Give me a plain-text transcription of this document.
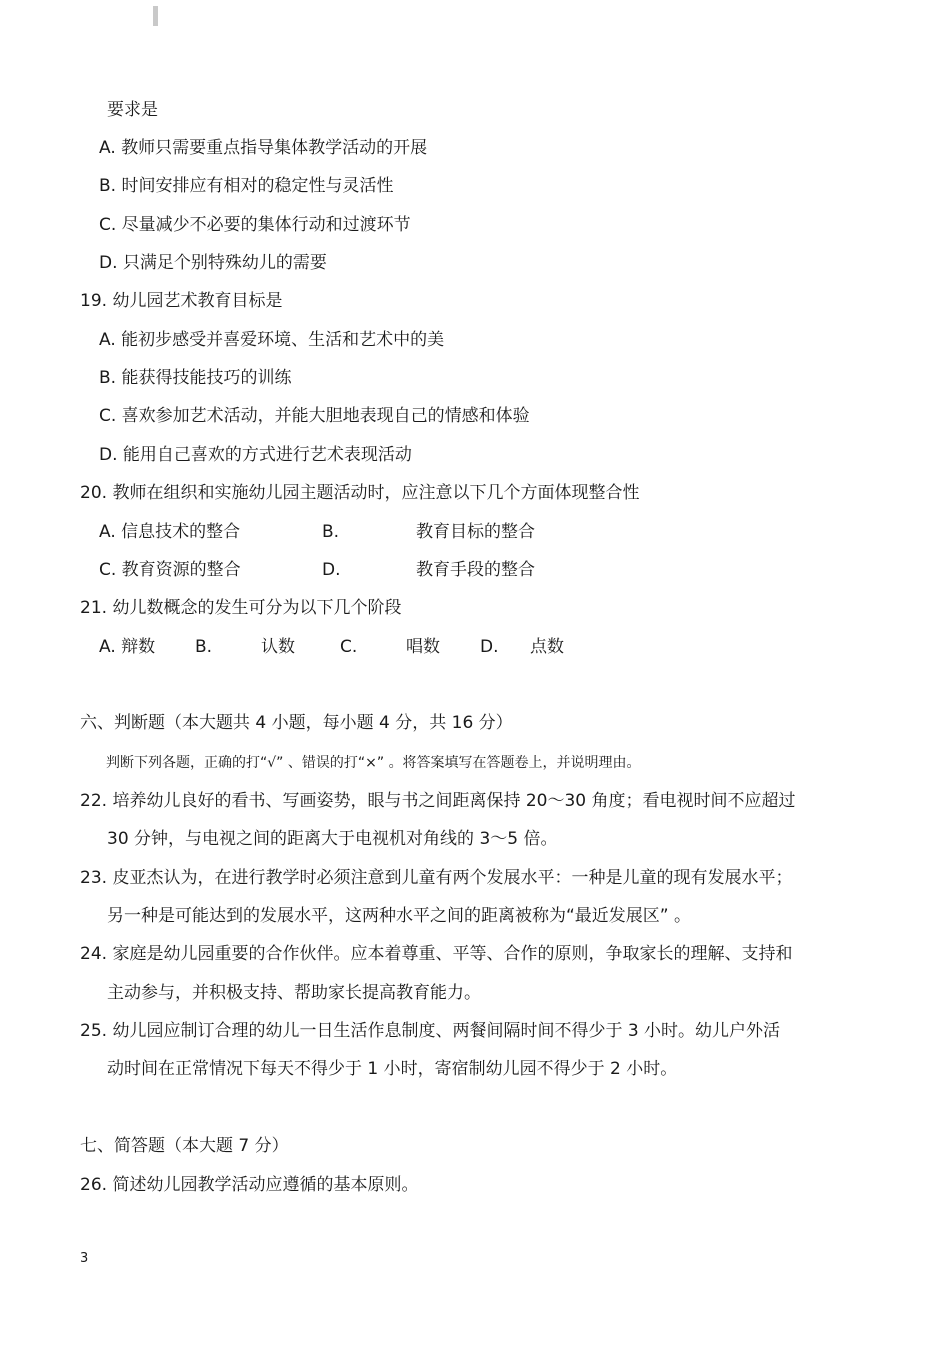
要求是
A. 教师只需要重点指导集体教学活动的开展
B. 时间安排应有相对的稳定性与灵活性
C. 尽量减少不必要的集体行动和过渡环节
D. 只满足个别特殊幼儿的需要
19. 幼儿园艺术教育目标是
A. 能初步感受并喜爱环境、生活和艺术中的美
B. 能获得技能技巧的训练
C. 喜欢参加艺术活动，并能大胆地表现自己的情感和体验
D. 能用自己喜欢的方式进行艺术表现活动
20. 教师在组织和实施幼儿园主题活动时，应注意以下几个方面体现整合性
A. 信息技术的整合	B.	教育目标的整合
C. 教育资源的整合	D.	教育手段的整合
21. 幼儿数概念的发生可分为以下几个阶段
A. 辩数 B.	认数	C.	唱数 D. 点数
六、判断题（本大题共 4 小题，每小题 4 分，共 16 分）
判断下列各题，正确的打“√” 、错误的打“×” 。将答案填写在答题卷上，并说明理由。
22. 培养幼儿良好的看书、写画姿势，眼与书之间距离保持 20～30 角度；看电视时间不应超过
30 分钟，与电视之间的距离大于电视机对角线的 3～5 倍。
23. 皮亚杰认为，在进行教学时必须注意到儿童有两个发展水平：一种是儿童的现有发展水平；
另一种是可能达到的发展水平，这两种水平之间的距离被称为“最近发展区” 。
24. 家庭是幼儿园重要的合作伙伴。应本着尊重、平等、合作的原则，争取家长的理解、支持和
主动参与，并积极支持、帮助家长提高教育能力。
25. 幼儿园应制订合理的幼儿一日生活作息制度、两餐间隔时间不得少于 3 小时。幼儿户外活
动时间在正常情况下每天不得少于 1 小时，寄宿制幼儿园不得少于 2 小时。
七、简答题（本大题 7 分）
26. 简述幼儿园教学活动应遵循的基本原则。
3
